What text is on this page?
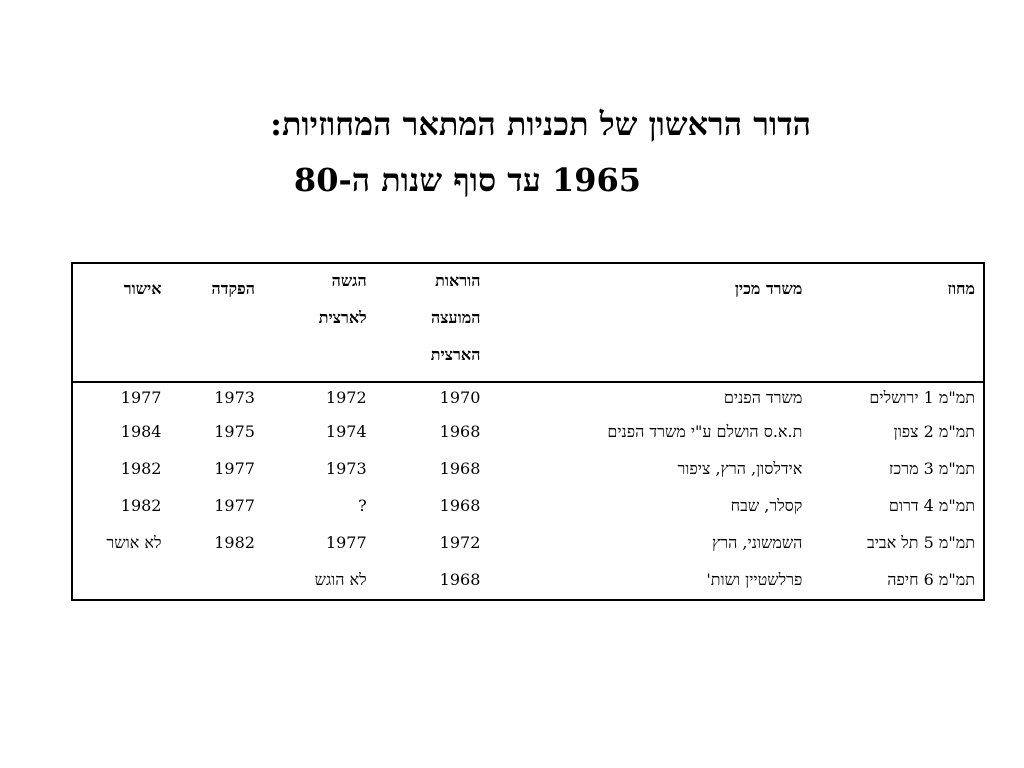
הדור הראשון של תכניות המתאר המחוזיות:
1965 עד סוף שנות ה-80
מחוז	משרד מכין	הוראות
המועצה
הארצית	הגשה
לארצית	הפקדה	אישור
תמ"מ 1 ירושלים	משרד הפנים	1970	1972	1973	1977
תמ"מ 2 צפון	ת.א.ס הושלם ע"י משרד הפנים	1968	1974	1975	1984
תמ"מ 3 מרכז	אידלסון, הרץ, ציפור	1968	1973	1977	1982
תמ"מ 4 דרום	קסלר, שבח	1968	?	1977	1982
תמ"מ 5 תל אביב	השמשוני, הרץ	1972	1977	1982	לא אושר
תמ"מ 6 חיפה	פרלשטיין ושות'	1968	לא הוגש		
